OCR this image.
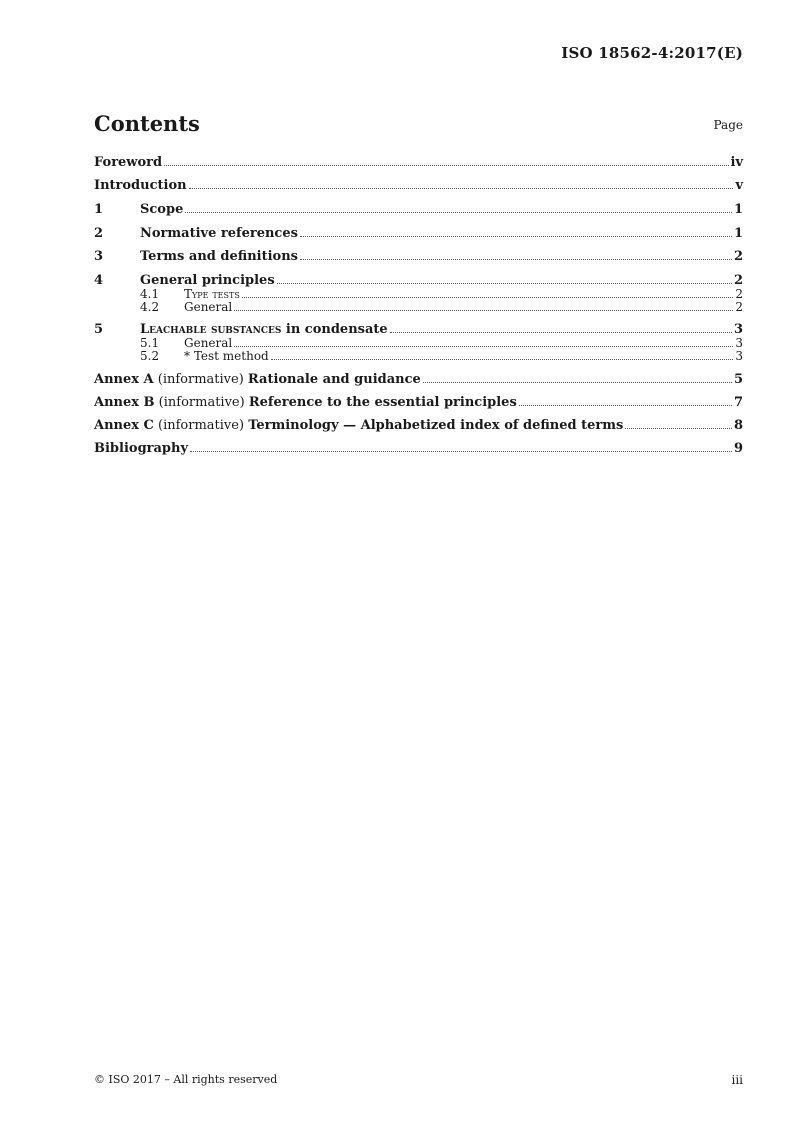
ISO 18562-4:2017(E)
Contents	Page
Foreword	iv
Introduction	v
1	Scope	1
2	Normative references	1
3	Terms and definitions	2
4	General principles	2
4.1	Type tests	2
4.2	General	2
5	Leachable substances in condensate	3
5.1	General	3
5.2	* Test method	3
Annex A (informative) Rationale and guidance	5
Annex B (informative) Reference to the essential principles	7
Annex C (informative) Terminology — Alphabetized index of defined terms	8
Bibliography	9
© ISO 2017 – All rights reserved	iii
